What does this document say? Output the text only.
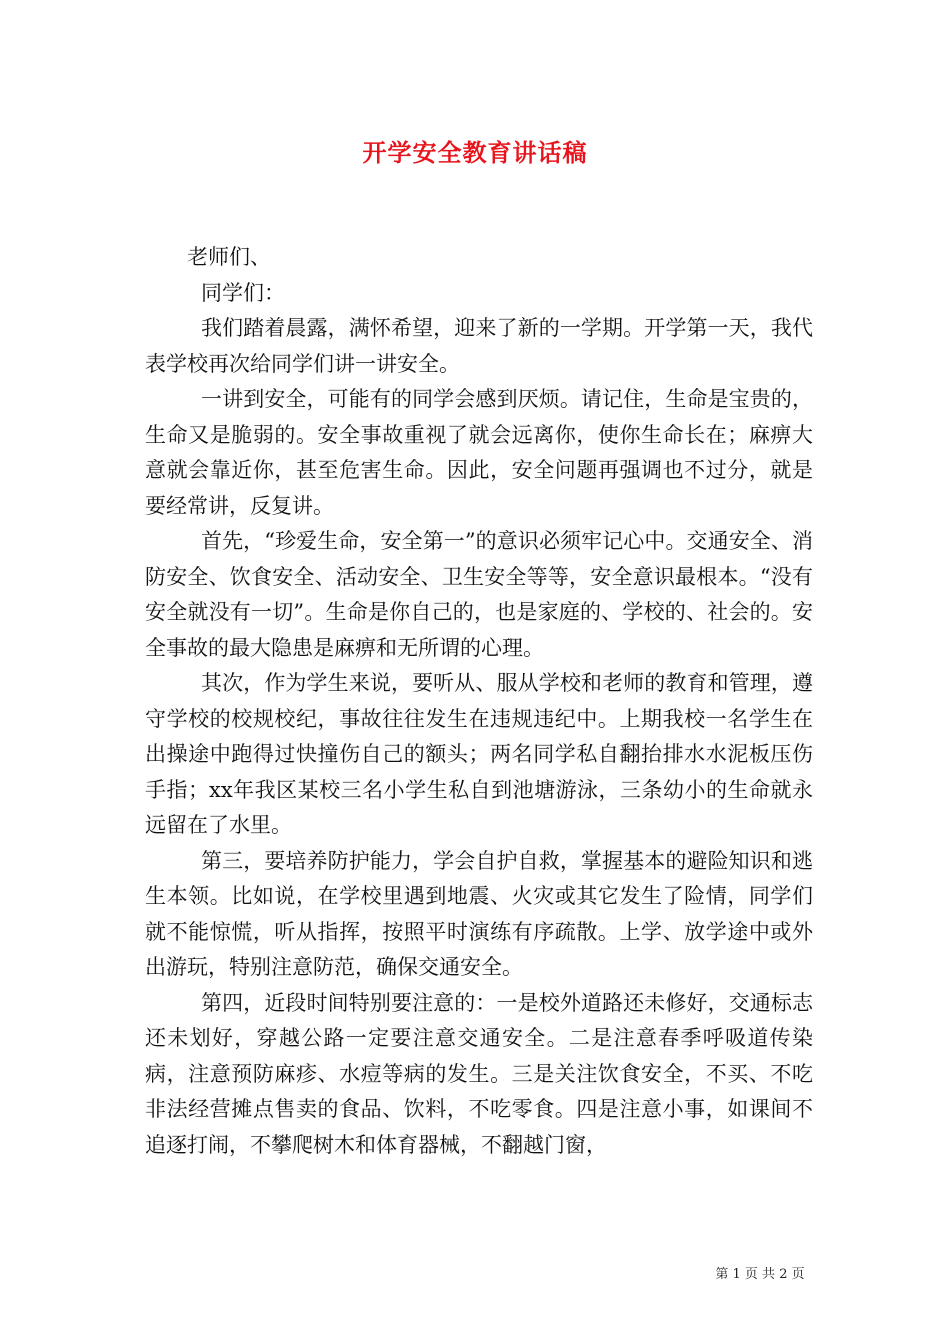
开学安全教育讲话稿

老师们、

同学们：

我们踏着晨露，满怀希望，迎来了新的一学期。开学第一天，我代表学校再次给同学们讲一讲安全。

一讲到安全，可能有的同学会感到厌烦。请记住，生命是宝贵的，生命又是脆弱的。安全事故重视了就会远离你，使你生命长在；麻痹大意就会靠近你，甚至危害生命。因此，安全问题再强调也不过分，就是要经常讲，反复讲。

首先，“珍爱生命，安全第一”的意识必须牢记心中。交通安全、消防安全、饮食安全、活动安全、卫生安全等等，安全意识最根本。“没有安全就没有一切”。生命是你自己的，也是家庭的、学校的、社会的。安全事故的最大隐患是麻痹和无所谓的心理。

其次，作为学生来说，要听从、服从学校和老师的教育和管理，遵守学校的校规校纪，事故往往发生在违规违纪中。上期我校一名学生在出操途中跑得过快撞伤自己的额头；两名同学私自翻抬排水水泥板压伤手指；xx年我区某校三名小学生私自到池塘游泳，三条幼小的生命就永远留在了水里。

第三，要培养防护能力，学会自护自救，掌握基本的避险知识和逃生本领。比如说，在学校里遇到地震、火灾或其它发生了险情，同学们就不能惊慌，听从指挥，按照平时演练有序疏散。上学、放学途中或外出游玩，特别注意防范，确保交通安全。

第四，近段时间特别要注意的：一是校外道路还未修好，交通标志还未划好，穿越公路一定要注意交通安全。二是注意春季呼吸道传染病，注意预防麻疹、水痘等病的发生。三是关注饮食安全，不买、不吃非法经营摊点售卖的食品、饮料，不吃零食。四是注意小事，如课间不追逐打闹，不攀爬树木和体育器械，不翻越门窗，

第 1 页 共 2 页
